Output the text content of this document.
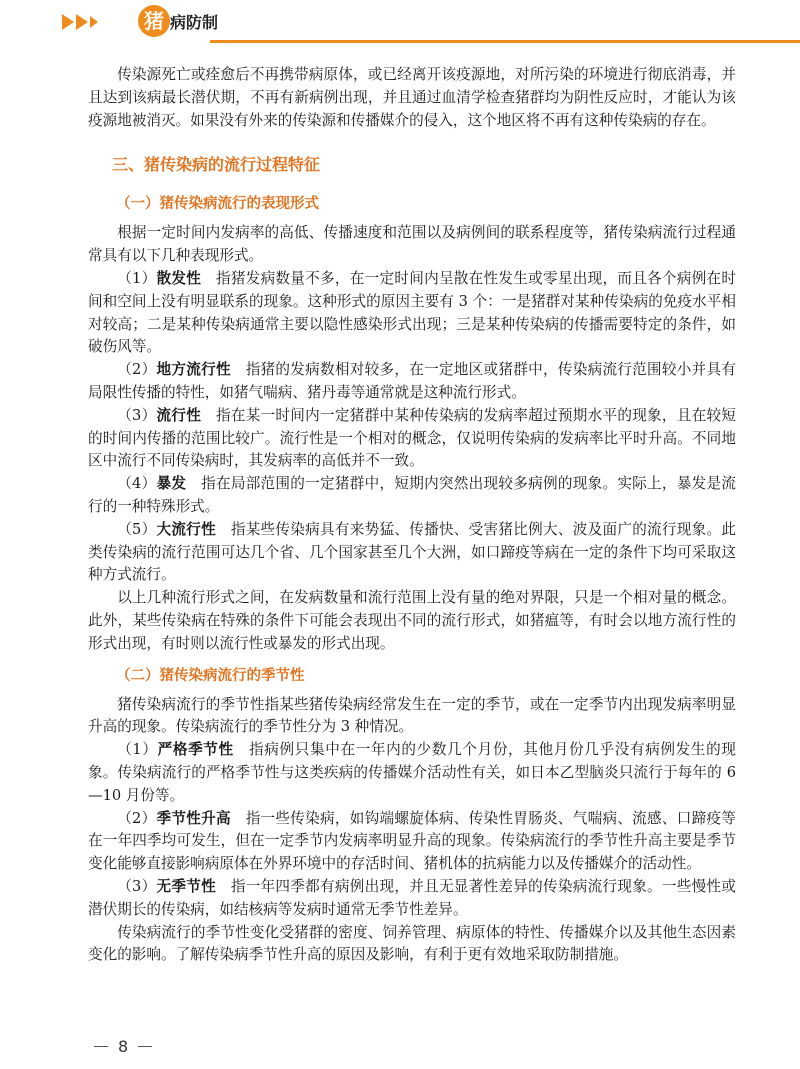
猪 病防制

传染源死亡或痊愈后不再携带病原体，或已经离开该疫源地，对所污染的环境进行彻底消毒，并且达到该病最长潜伏期，不再有新病例出现，并且通过血清学检查猪群均为阴性反应时，才能认为该疫源地被消灭。如果没有外来的传染源和传播媒介的侵入，这个地区将不再有这种传染病的存在。

三、猪传染病的流行过程特征
（一）猪传染病流行的表现形式

根据一定时间内发病率的高低、传播速度和范围以及病例间的联系程度等，猪传染病流行过程通常具有以下几种表现形式。

（1）散发性　 指猪发病数量不多，在一定时间内呈散在性发生或零星出现，而且各个病例在时间和空间上没有明显联系的现象。这种形式的原因主要有 3 个：一是猪群对某种传染病的免疫水平相对较高；二是某种传染病通常主要以隐性感染形式出现；三是某种传染病的传播需要特定的条件，如破伤风等。

（2）地方流行性　 指猪的发病数相对较多，在一定地区或猪群中，传染病流行范围较小并具有局限性传播的特性，如猪气喘病、猪丹毒等通常就是这种流行形式。

（3）流行性　 指在某一时间内一定猪群中某种传染病的发病率超过预期水平的现象，且在较短的时间内传播的范围比较广。流行性是一个相对的概念，仅说明传染病的发病率比平时升高。不同地区中流行不同传染病时，其发病率的高低并不一致。

（4）暴发　 指在局部范围的一定猪群中，短期内突然出现较多病例的现象。实际上，暴发是流行的一种特殊形式。

（5）大流行性　 指某些传染病具有来势猛、传播快、受害猪比例大、波及面广的流行现象。此类传染病的流行范围可达几个省、几个国家甚至几个大洲，如口蹄疫等病在一定的条件下均可采取这种方式流行。

以上几种流行形式之间，在发病数量和流行范围上没有量的绝对界限，只是一个相对量的概念。此外，某些传染病在特殊的条件下可能会表现出不同的流行形式，如猪瘟等，有时会以地方流行性的形式出现，有时则以流行性或暴发的形式出现。

（二）猪传染病流行的季节性

猪传染病流行的季节性指某些猪传染病经常发生在一定的季节，或在一定季节内出现发病率明显升高的现象。传染病流行的季节性分为 3 种情况。

（1）严格季节性　 指病例只集中在一年内的少数几个月份，其他月份几乎没有病例发生的现象。传染病流行的严格季节性与这类疾病的传播媒介活动性有关，如日本乙型脑炎只流行于每年的 6—10 月份等。

（2）季节性升高　 指一些传染病，如钩端螺旋体病、传染性胃肠炎、气喘病、流感、口蹄疫等在一年四季均可发生，但在一定季节内发病率明显升高的现象。传染病流行的季节性升高主要是季节变化能够直接影响病原体在外界环境中的存活时间、猪机体的抗病能力以及传播媒介的活动性。

（3）无季节性　 指一年四季都有病例出现，并且无显著性差异的传染病流行现象。一些慢性或潜伏期长的传染病，如结核病等发病时通常无季节性差异。

传染病流行的季节性变化受猪群的密度、饲养管理、病原体的特性、传播媒介以及其他生态因素变化的影响。了解传染病季节性升高的原因及影响，有利于更有效地采取防制措施。

8
